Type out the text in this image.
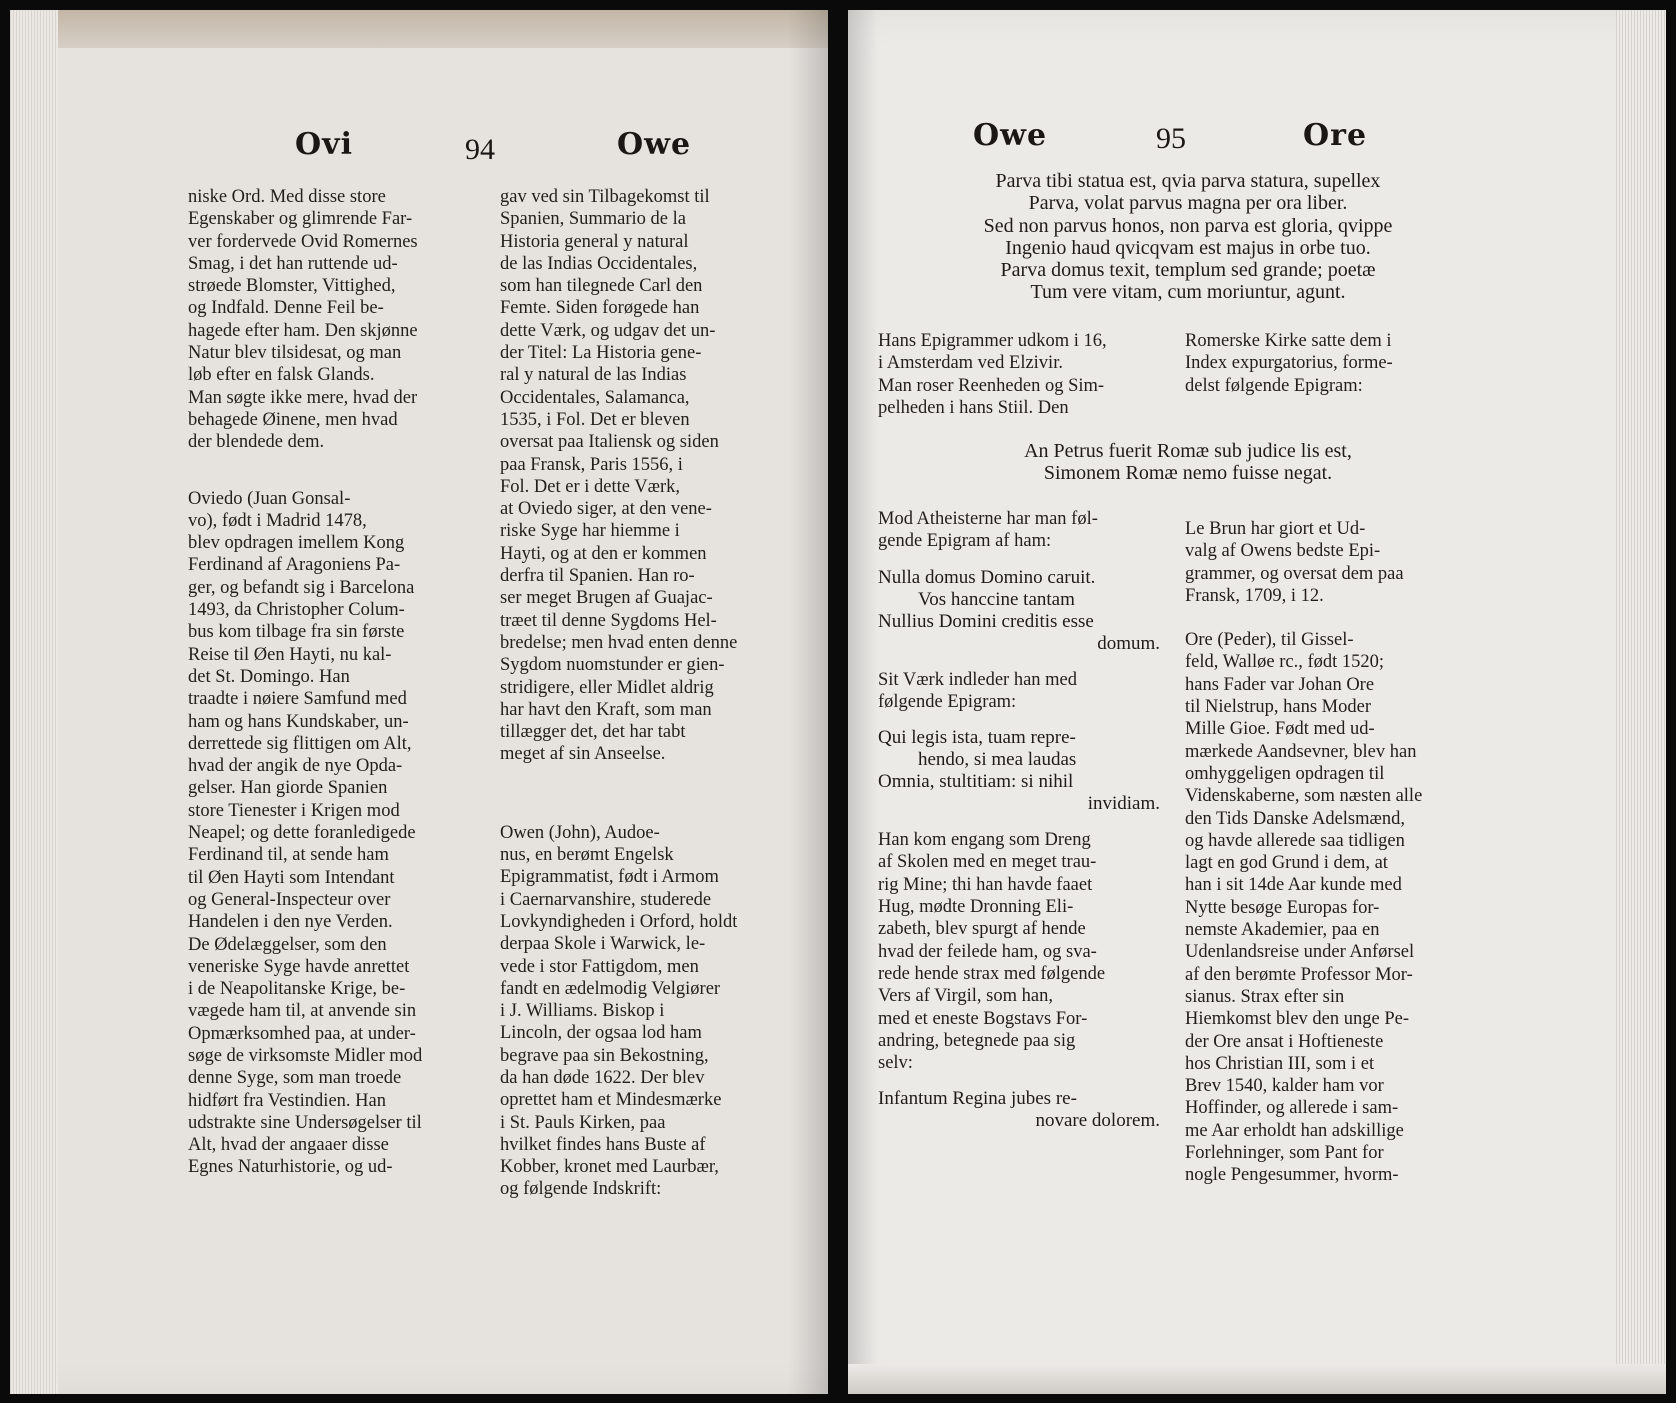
Ovi	94	Owe
niske Ord. Med disse store
Egenskaber og glimrende Far-
ver fordervede Ovid Romernes
Smag, i det han ruttende ud-
strøede Blomster, Vittighed,
og Indfald. Denne Feil be-
hagede efter ham. Den skjønne
Natur blev tilsidesat, og man
løb efter en falsk Glands.
Man søgte ikke mere, hvad der
behagede Øinene, men hvad
der blendede dem.
Oviedo (Juan Gonsal-
vo), født i Madrid 1478,
blev opdragen imellem Kong
Ferdinand af Aragoniens Pa-
ger, og befandt sig i Barcelona
1493, da Christopher Colum-
bus kom tilbage fra sin første
Reise til Øen Hayti, nu kal-
det St. Domingo. Han
traadte i nøiere Samfund med
ham og hans Kundskaber, un-
derrettede sig flittigen om Alt,
hvad der angik de nye Opda-
gelser. Han giorde Spanien
store Tienester i Krigen mod
Neapel; og dette foranledigede
Ferdinand til, at sende ham
til Øen Hayti som Intendant
og General-Inspecteur over
Handelen i den nye Verden.
De Ødelæggelser, som den
veneriske Syge havde anrettet
i de Neapolitanske Krige, be-
vægede ham til, at anvende sin
Opmærksomhed paa, at under-
søge de virksomste Midler mod
denne Syge, som man troede
hidført fra Vestindien. Han
udstrakte sine Undersøgelser til
Alt, hvad der angaaer disse
Egnes Naturhistorie, og ud-
gav ved sin Tilbagekomst til
Spanien, Summario de la
Historia general y natural
de las Indias Occidentales,
som han tilegnede Carl den
Femte. Siden forøgede han
dette Værk, og udgav det un-
der Titel: La Historia gene-
ral y natural de las Indias
Occidentales, Salamanca,
1535, i Fol. Det er bleven
oversat paa Italiensk og siden
paa Fransk, Paris 1556, i
Fol. Det er i dette Værk,
at Oviedo siger, at den vene-
riske Syge har hiemme i
Hayti, og at den er kommen
derfra til Spanien. Han ro-
ser meget Brugen af Guajac-
træet til denne Sygdoms Hel-
bredelse; men hvad enten denne
Sygdom nuomstunder er gien-
stridigere, eller Midlet aldrig
har havt den Kraft, som man
tillægger det, det har tabt
meget af sin Anseelse.
Owen (John), Audoe-
nus, en berømt Engelsk
Epigrammatist, født i Armom
i Caernarvanshire, studerede
Lovkyndigheden i Orford, holdt
derpaa Skole i Warwick, le-
vede i stor Fattigdom, men
fandt en ædelmodig Velgiører
i J. Williams. Biskop i
Lincoln, der ogsaa lod ham
begrave paa sin Bekostning,
da han døde 1622. Der blev
oprettet ham et Mindesmærke
i St. Pauls Kirken, paa
hvilket findes hans Buste af
Kobber, kronet med Laurbær,
og følgende Indskrift:
Owe	95	Ore
Parva tibi statua est, qvia parva statura, supellex
Parva, volat parvus magna per ora liber.
Sed non parvus honos, non parva est gloria, qvippe
Ingenio haud qvicqvam est majus in orbe tuo.
Parva domus texit, templum sed grande; poetæ
Tum vere vitam, cum moriuntur, agunt.
Hans Epigrammer udkom i 16,
i Amsterdam ved Elzivir.
Man roser Reenheden og Sim-
pelheden i hans Stiil. Den
Romerske Kirke satte dem i
Index expurgatorius, forme-
delst følgende Epigram:
An Petrus fuerit Romæ sub judice lis est,
Simonem Romæ nemo fuisse negat.
Mod Atheisterne har man føl-
gende Epigram af ham:
Nulla domus Domino caruit.
Vos hanccine tantam
Nullius Domini creditis esse
domum.
Sit Værk indleder han med
følgende Epigram:
Qui legis ista, tuam repre-
hendo, si mea laudas
Omnia, stultitiam: si nihil
invidiam.
Han kom engang som Dreng
af Skolen med en meget trau-
rig Mine; thi han havde faaet
Hug, mødte Dronning Eli-
zabeth, blev spurgt af hende
hvad der feilede ham, og sva-
rede hende strax med følgende
Vers af Virgil, som han,
med et eneste Bogstavs For-
andring, betegnede paa sig
selv:
Infantum Regina jubes re-
novare dolorem.
Le Brun har giort et Ud-
valg af Owens bedste Epi-
grammer, og oversat dem paa
Fransk, 1709, i 12.
Ore (Peder), til Gissel-
feld, Walløe rc., født 1520;
hans Fader var Johan Ore
til Nielstrup, hans Moder
Mille Gioe. Født med ud-
mærkede Aandsevner, blev han
omhyggeligen opdragen til
Videnskaberne, som næsten alle
den Tids Danske Adelsmænd,
og havde allerede saa tidligen
lagt en god Grund i dem, at
han i sit 14de Aar kunde med
Nytte besøge Europas for-
nemste Akademier, paa en
Udenlandsreise under Anførsel
af den berømte Professor Mor-
sianus. Strax efter sin
Hiemkomst blev den unge Pe-
der Ore ansat i Hoftieneste
hos Christian III, som i et
Brev 1540, kalder ham vor
Hoffinder, og allerede i sam-
me Aar erholdt han adskillige
Forlehninger, som Pant for
nogle Pengesummer, hvorm-
